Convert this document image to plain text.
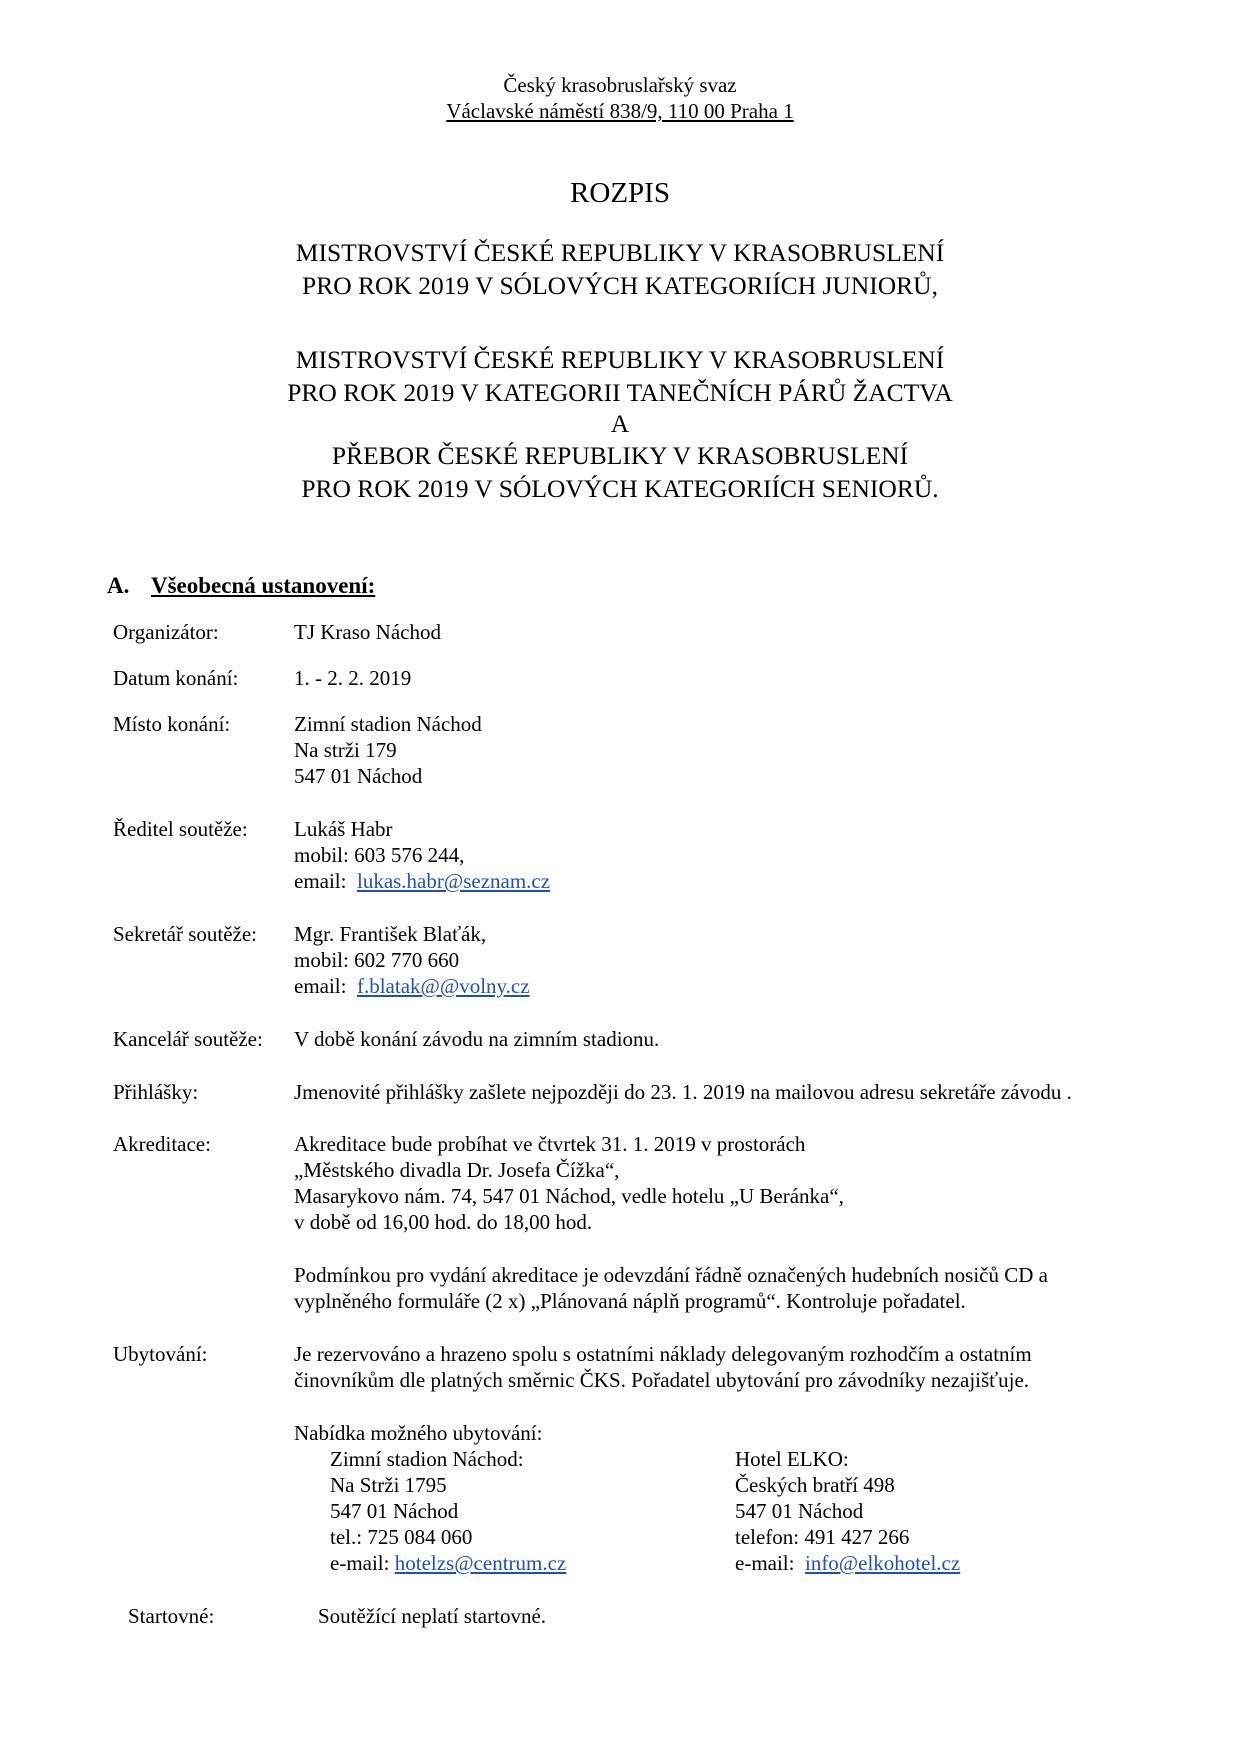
Český krasobruslařský svaz
Václavské náměstí 838/9, 110 00 Praha 1
ROZPIS
MISTROVSTVÍ ČESKÉ REPUBLIKY V KRASOBRUSLENÍ
PRO ROK 2019 V SÓLOVÝCH KATEGORIÍCH JUNIORŮ,
MISTROVSTVÍ ČESKÉ REPUBLIKY V KRASOBRUSLENÍ
PRO ROK 2019 V KATEGORII TANEČNÍCH PÁRŮ ŽACTVA
A
PŘEBOR ČESKÉ REPUBLIKY V KRASOBRUSLENÍ
PRO ROK 2019 V SÓLOVÝCH KATEGORIÍCH SENIORŮ.
A. Všeobecná ustanovení:
Organizátor:	TJ Kraso Náchod
Datum konání:	1. - 2. 2. 2019
Místo konání:	Zimní stadion Náchod
Na strži 179
547 01 Náchod
Ředitel soutěže: Lukáš Habr
mobil: 603 576 244,
email:  lukas.habr@seznam.cz
Sekretář soutěže: Mgr. František Blaťák,
mobil: 602 770 660
email:  f.blatak@@volny.cz
Kancelář soutěže: V době konání závodu na zimním stadionu.
Přihlášky:	Jmenovité přihlášky zašlete nejpozději do 23. 1. 2019 na mailovou adresu sekretáře závodu .
Akreditace:	Akreditace bude probíhat ve čtvrtek 31. 1. 2019 v prostorách
„Městského divadla Dr. Josefa Čížka“,
Masarykovo nám. 74, 547 01 Náchod, vedle hotelu „U Beránka“,
v době od 16,00 hod. do 18,00 hod.
Podmínkou pro vydání akreditace je odevzdání řádně označených hudebních nosičů CD a
vyplněného formuláře (2 x) „Plánovaná náplň programů“. Kontroluje pořadatel.
Ubytování:	Je rezervováno a hrazeno spolu s ostatními náklady delegovaným rozhodčím a ostatním
činovníkům dle platných směrnic ČKS. Pořadatel ubytování pro závodníky nezajišťuje.
Nabídka možného ubytování:
Zimní stadion Náchod:
Na Strži 1795
547 01 Náchod
tel.: 725 084 060
e-mail: hotelzs@centrum.cz
Hotel ELKO:
Českých bratří 498
547 01 Náchod
telefon: 491 427 266
e-mail:  info@elkohotel.cz
Startovné:	Soutěžící neplatí startovné.
